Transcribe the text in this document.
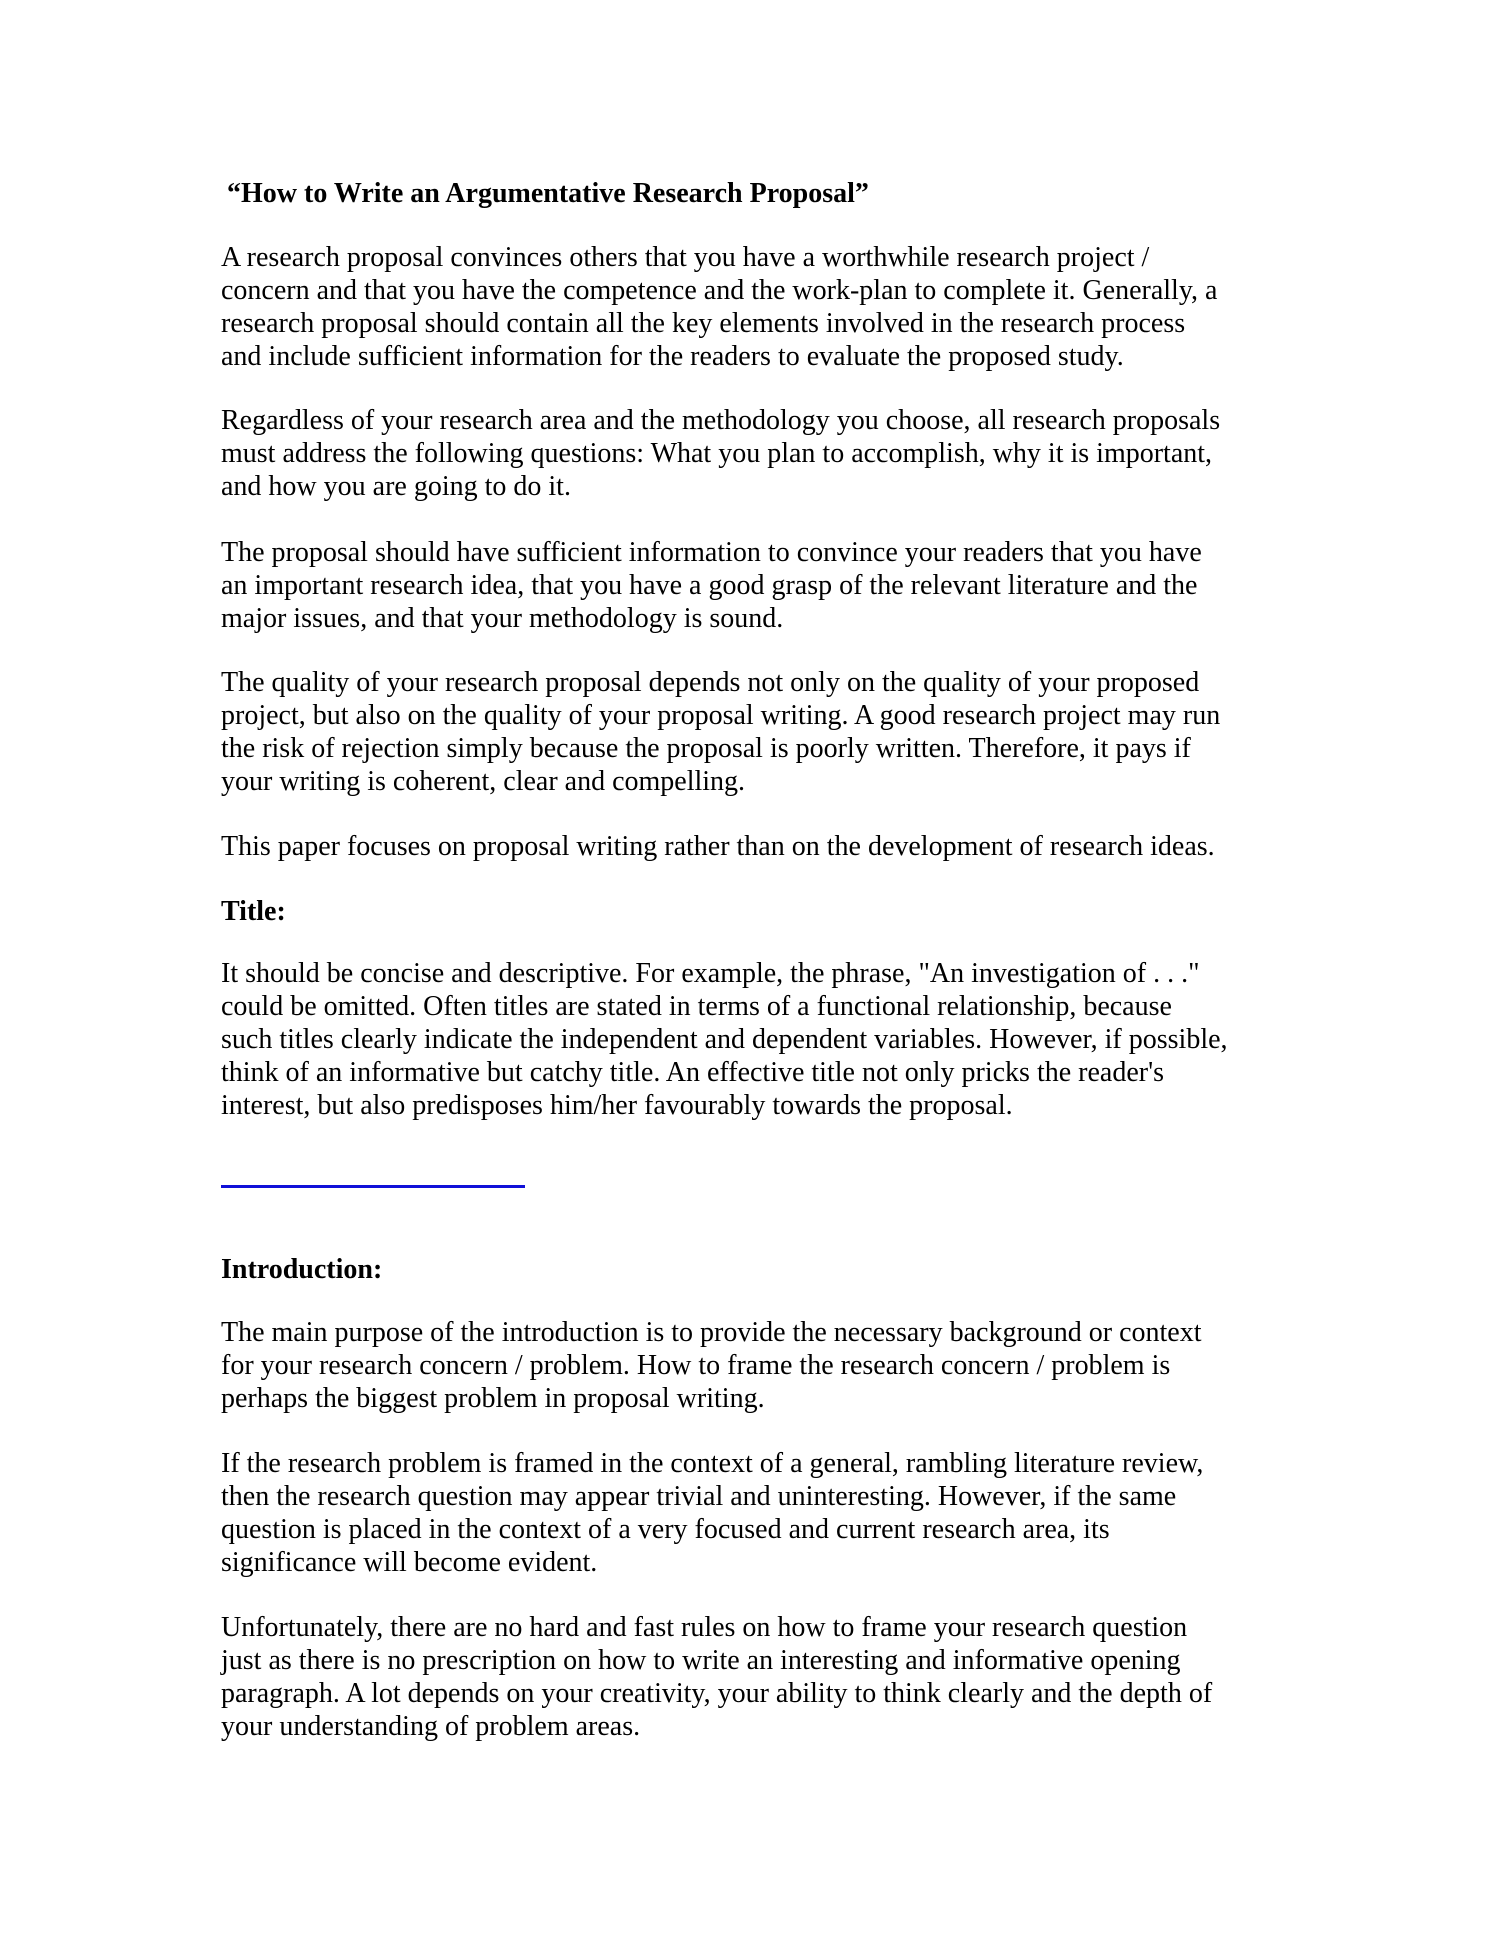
“How to Write an Argumentative Research Proposal”
A research proposal convinces others that you have a worthwhile research project /
concern and that you have the competence and the work-plan to complete it. Generally, a
research proposal should contain all the key elements involved in the research process
and include sufficient information for the readers to evaluate the proposed study.
Regardless of your research area and the methodology you choose, all research proposals
must address the following questions: What you plan to accomplish, why it is important,
and how you are going to do it.
The proposal should have sufficient information to convince your readers that you have
an important research idea, that you have a good grasp of the relevant literature and the
major issues, and that your methodology is sound.
The quality of your research proposal depends not only on the quality of your proposed
project, but also on the quality of your proposal writing. A good research project may run
the risk of rejection simply because the proposal is poorly written. Therefore, it pays if
your writing is coherent, clear and compelling.
This paper focuses on proposal writing rather than on the development of research ideas.
Title:
It should be concise and descriptive. For example, the phrase, "An investigation of . . ."
could be omitted. Often titles are stated in terms of a functional relationship, because
such titles clearly indicate the independent and dependent variables. However, if possible,
think of an informative but catchy title. An effective title not only pricks the reader's
interest, but also predisposes him/her favourably towards the proposal.
Introduction:
The main purpose of the introduction is to provide the necessary background or context
for your research concern / problem. How to frame the research concern / problem is
perhaps the biggest problem in proposal writing.
If the research problem is framed in the context of a general, rambling literature review,
then the research question may appear trivial and uninteresting. However, if the same
question is placed in the context of a very focused and current research area, its
significance will become evident.
Unfortunately, there are no hard and fast rules on how to frame your research question
just as there is no prescription on how to write an interesting and informative opening
paragraph. A lot depends on your creativity, your ability to think clearly and the depth of
your understanding of problem areas.
